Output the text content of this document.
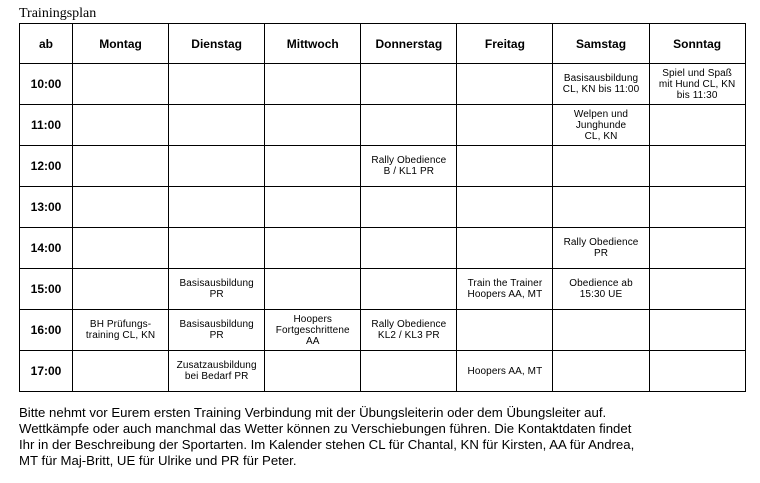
Trainingsplan
ab	Montag	Dienstag	Mittwoch	Donnerstag	Freitag	Samstag	Sonntag
10:00						Basisausbildung
CL, KN bis 11:00	Spiel und Spaß
mit Hund CL, KN
bis 11:30
11:00						Welpen und
Junghunde
CL, KN	
12:00				Rally Obedience
B / KL1 PR			
13:00							
14:00						Rally Obedience
PR	
15:00		Basisausbildung
PR			Train the Trainer
Hoopers AA, MT	Obedience ab
15:30 UE	
16:00	BH Prüfungs-
training CL, KN	Basisausbildung
PR	Hoopers
Fortgeschrittene
AA	Rally Obedience
KL2 / KL3 PR			
17:00		Zusatzausbildung
bei Bedarf PR			Hoopers AA, MT		
Bitte nehmt vor Eurem ersten Training Verbindung mit der Übungsleiterin oder dem Übungsleiter auf.
Wettkämpfe oder auch manchmal das Wetter können zu Verschiebungen führen. Die Kontaktdaten findet
Ihr in der Beschreibung der Sportarten. Im Kalender stehen CL für Chantal, KN für Kirsten, AA für Andrea,
MT für Maj-Britt, UE für Ulrike und PR für Peter.
